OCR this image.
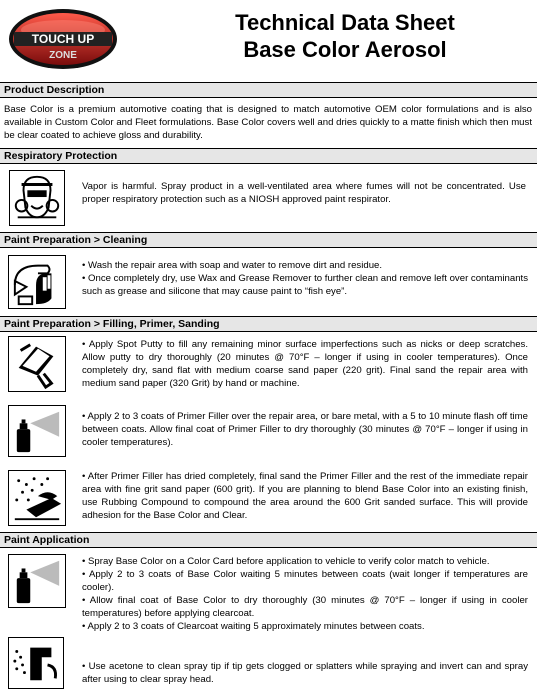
TOUCH UP
ZONE
Technical Data Sheet
Base Color Aerosol
Product Description
Base Color is a premium automotive coating that is designed to match automotive OEM color formulations and is also available in Custom Color and Fleet formulations. Base Color covers well and dries quickly to a matte finish which then must be clear coated to achieve gloss and durability.
Respiratory Protection
Vapor is harmful. Spray product in a well-ventilated area where fumes will not be concentrated. Use proper respiratory protection such as a NIOSH approved paint respirator.
Paint Preparation > Cleaning
• Wash the repair area with soap and water to remove dirt and residue.
• Once completely dry, use Wax and Grease Remover to further clean and remove left over contaminants such as grease and silicone that may cause paint to “fish eye”.
Paint Preparation > Filling, Primer, Sanding
• Apply Spot Putty to fill any remaining minor surface imperfections such as nicks or deep scratches. Allow putty to dry thoroughly (20 minutes @ 70°F – longer if using in cooler temperatures). Once completely dry, sand flat with medium coarse sand paper (220 grit). Final sand the repair area with medium sand paper (320 Grit) by hand or machine.
• Apply 2 to 3 coats of Primer Filler over the repair area, or bare metal, with a 5 to 10 minute flash off time between coats. Allow final coat of Primer Filler to dry thoroughly (30 minutes @ 70°F – longer if using in cooler temperatures).
• After Primer Filler has dried completely, final sand the Primer Filler and the rest of the immediate repair area with fine grit sand paper (600 grit). If you are planning to blend Base Color into an existing finish, use Rubbing Compound to compound the area around the 600 Grit sanded surface. This will provide adhesion for the Base Color and Clear.
Paint Application
• Spray Base Color on a Color Card before application to vehicle to verify color match to vehicle.
• Apply 2 to 3 coats of Base Color waiting 5 minutes between coats (wait longer if temperatures are cooler).
• Allow final coat of Base Color to dry thoroughly (30 minutes @ 70°F – longer if using in cooler temperatures) before applying clearcoat.
• Apply 2 to 3 coats of Clearcoat waiting 5 approximately minutes between coats.
• Use acetone to clean spray tip if tip gets clogged or splatters while spraying and invert can and spray after using to clear spray head.
